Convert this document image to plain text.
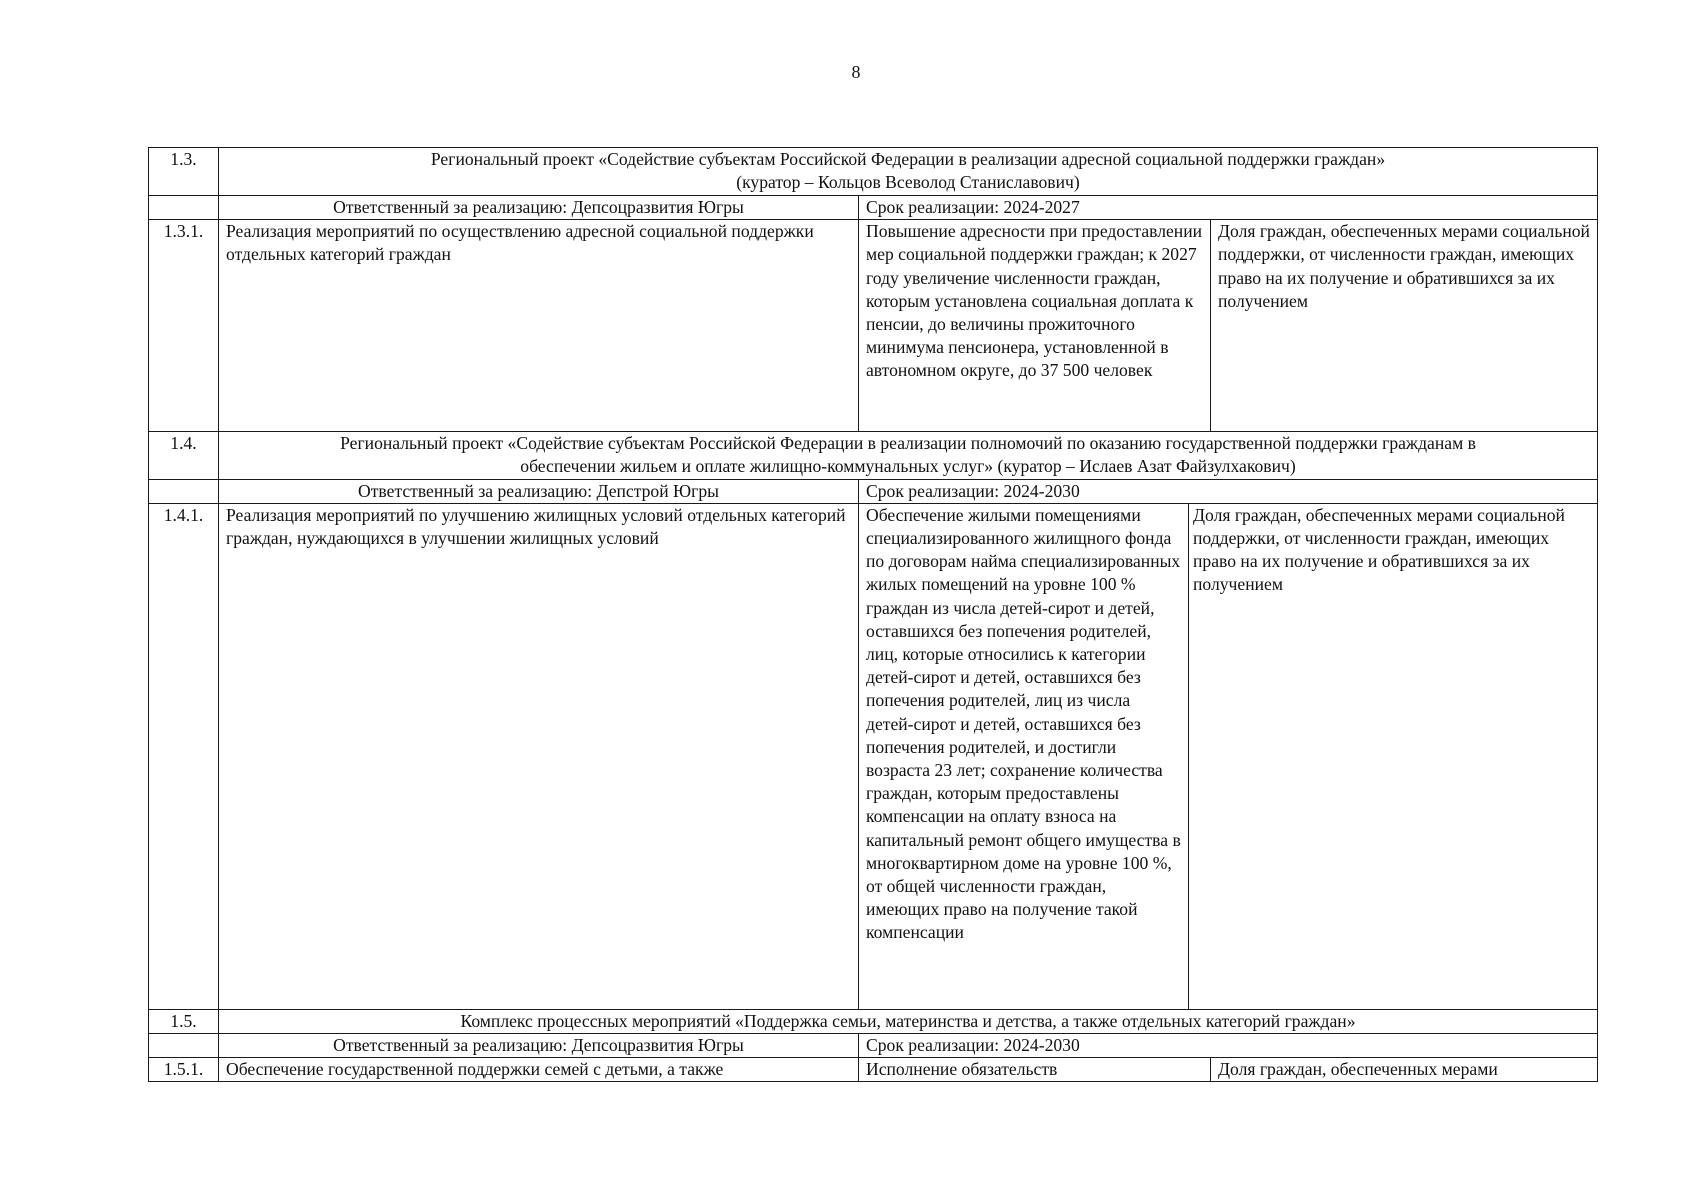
8
1.3.	Региональный проект «Содействие субъектам Российской Федерации в реализации адресной социальной поддержки граждан»
(куратор – Кольцов Всеволод Станиславович)			

	Ответственный за реализацию: Депсоцразвития Югры	Срок реализации: 2024-2027		
1.3.1.	Реализация мероприятий по осуществлению адресной социальной поддержки отдельных категорий граждан	Повышение адресности при предоставлении мер социальной поддержки граждан; к 2027 году увеличение численности граждан, которым установлена социальная доплата к пенсии, до величины прожиточного минимума пенсионера, установленной в автономном округе, до 37 500 человек		Доля граждан, обеспеченных мерами социальной поддержки, от численности граждан, имеющих право на их получение и обратившихся за их получением
1.4.	Региональный проект «Содействие субъектам Российской Федерации в реализации полномочий по оказанию государственной поддержки гражданам в
обеспечении жильем и оплате жилищно-коммунальных услуг» (куратор – Ислаев Азат Файзулхакович)			

	Ответственный за реализацию: Депстрой Югры	Срок реализации: 2024-2030		
1.4.1.	Реализация мероприятий по улучшению жилищных условий отдельных категорий граждан, нуждающихся в улучшении жилищных условий	Обеспечение жилыми помещениями специализированного жилищного фонда по договорам найма специализированных жилых помещений на уровне 100 % граждан из числа детей-сирот и детей, оставшихся без попечения родителей, лиц, которые относились к категории детей-сирот и детей, оставшихся без попечения родителей, лиц из числа детей-сирот и детей, оставшихся без попечения родителей, и достигли возраста 23 лет; сохранение количества граждан, которым предоставлены компенсации на оплату взноса на капитальный ремонт общего имущества в многоквартирном доме на уровне 100 %, от общей численности граждан, имеющих право на получение такой компенсации	Доля граждан, обеспеченных мерами социальной поддержки, от численности граждан, имеющих право на их получение и обратившихся за их получением	
1.5.	Комплекс процессных мероприятий «Поддержка семьи, материнства и детства, а также отдельных категорий граждан»			
	Ответственный за реализацию: Депсоцразвития Югры	Срок реализации: 2024-2030		
1.5.1.	Обеспечение государственной поддержки семей с детьми, а также	Исполнение обязательств		Доля граждан, обеспеченных мерами
